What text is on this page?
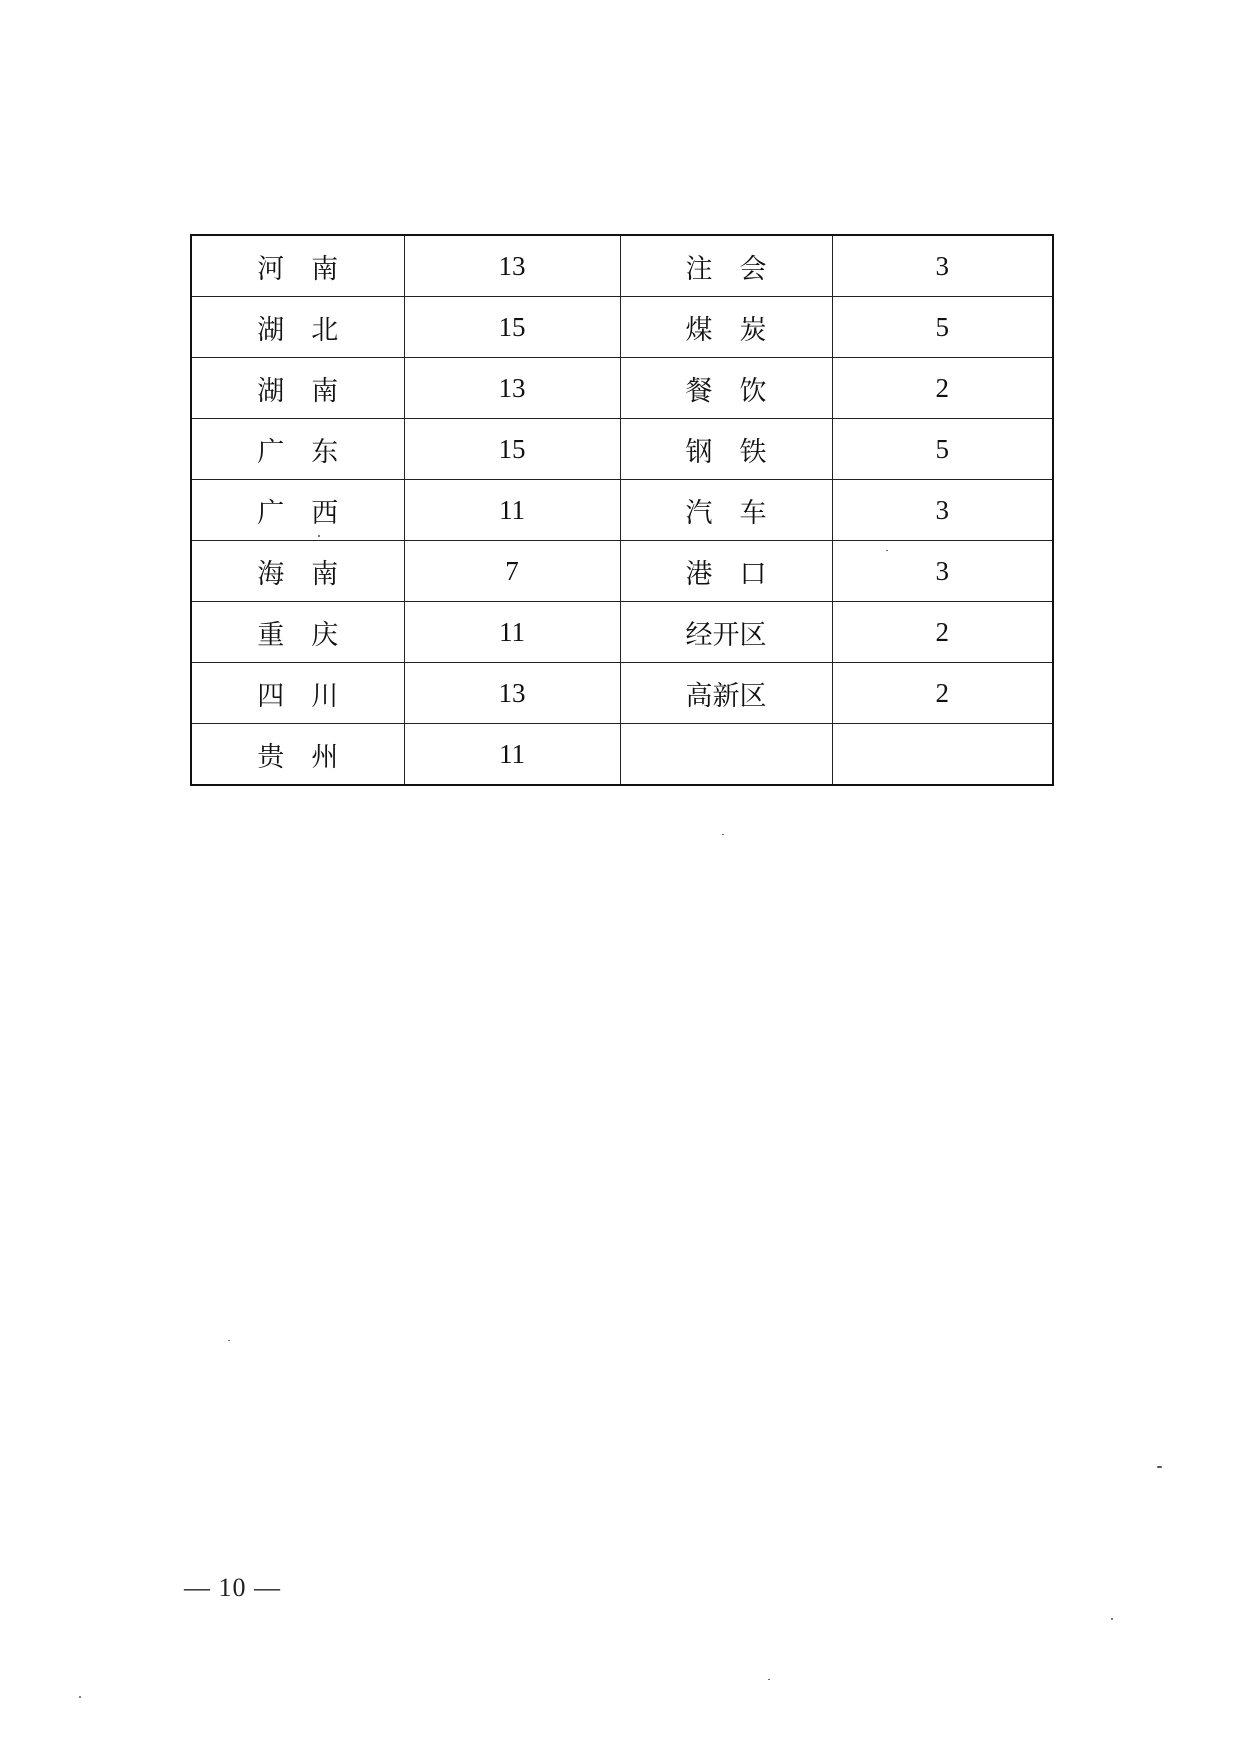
河　南	13	注　会	3
湖　北	15	煤　炭	5
湖　南	13	餐　饮	2
广　东	15	钢　铁	5
广　西	11	汽　车	3
海　南	7	港　口	3
重　庆	11	经开区	2
四　川	13	高新区	2
贵　州	11		
— 10 —
